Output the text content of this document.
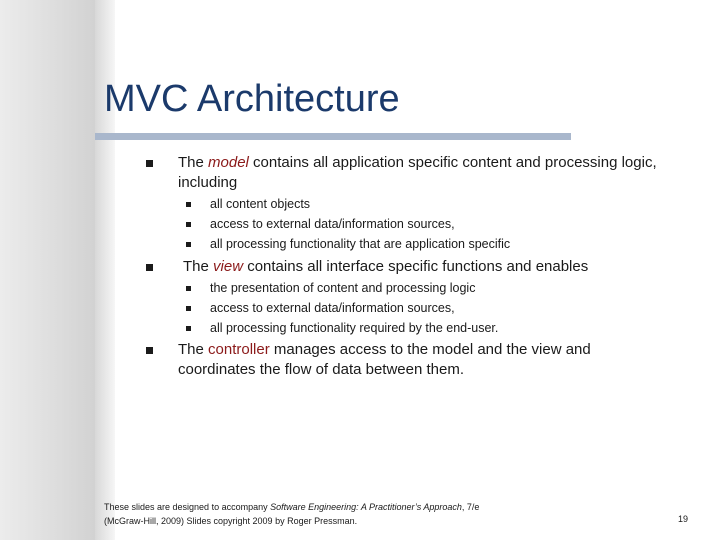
MVC Architecture
The model contains all application specific content and processing logic, including
all content objects
access to external data/information sources,
all processing functionality that are application specific
The view contains all interface specific functions and enables
the presentation of content and processing logic
access to external data/information sources,
all processing functionality required by the end-user.
The controller manages access to the model and the view and coordinates the flow of data between them.
These slides are designed to accompany Software Engineering: A Practitioner’s Approach, 7/e
(McGraw-Hill, 2009) Slides copyright 2009 by Roger Pressman.	19
